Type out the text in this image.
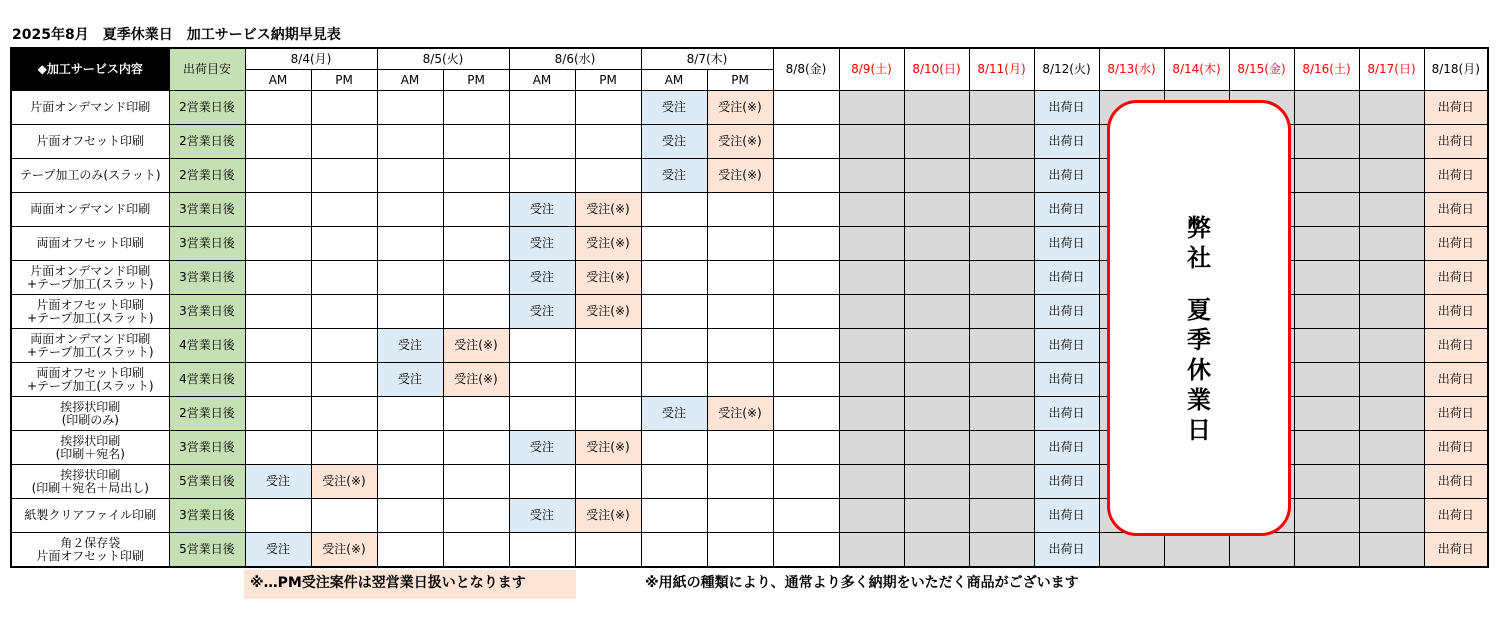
2025年8月　夏季休業日　加工サービス納期早見表
◆加工サービス内容	出荷目安	8/4(月)		8/5(火)		8/6(水)		8/7(木)		8/8(金)	8/9(土)	8/10(日)	8/11(月)	8/12(火)	8/13(水)	8/14(木)	8/15(金)	8/16(土)	8/17(日)	8/18(月)
		AM	PM	AM	PM	AM	PM	AM	PM											

片面オンデマンド印刷	2営業日後							受注	受注(※)					出荷日						出荷日

片面オフセット印刷	2営業日後							受注	受注(※)					出荷日						出荷日

テープ加工のみ(スラット)	2営業日後							受注	受注(※)					出荷日						出荷日

両面オンデマンド印刷	3営業日後					受注	受注(※)							出荷日						出荷日

両面オフセット印刷	3営業日後					受注	受注(※)							出荷日						出荷日

片面オンデマンド印刷
+テープ加工(スラット)	3営業日後					受注	受注(※)							出荷日						出荷日

片面オフセット印刷
+テープ加工(スラット)	3営業日後					受注	受注(※)							出荷日						出荷日

両面オンデマンド印刷
+テープ加工(スラット)	4営業日後			受注	受注(※)									出荷日						出荷日

両面オフセット印刷
+テープ加工(スラット)	4営業日後			受注	受注(※)									出荷日						出荷日

挨拶状印刷
(印刷のみ)	2営業日後							受注	受注(※)					出荷日						出荷日

挨拶状印刷
(印刷＋宛名)	3営業日後					受注	受注(※)							出荷日						出荷日

挨拶状印刷
(印刷＋宛名＋局出し)	5営業日後	受注	受注(※)											出荷日						出荷日

紙製クリアファイル印刷	3営業日後					受注	受注(※)							出荷日						出荷日

角２保存袋
片面オフセット印刷	5営業日後	受注	受注(※)											出荷日						出荷日
弊
社
夏
季
休
業
日
※…PM受注案件は翌営業日扱いとなります	※用紙の種類により、通常より多く納期をいただく商品がございます
